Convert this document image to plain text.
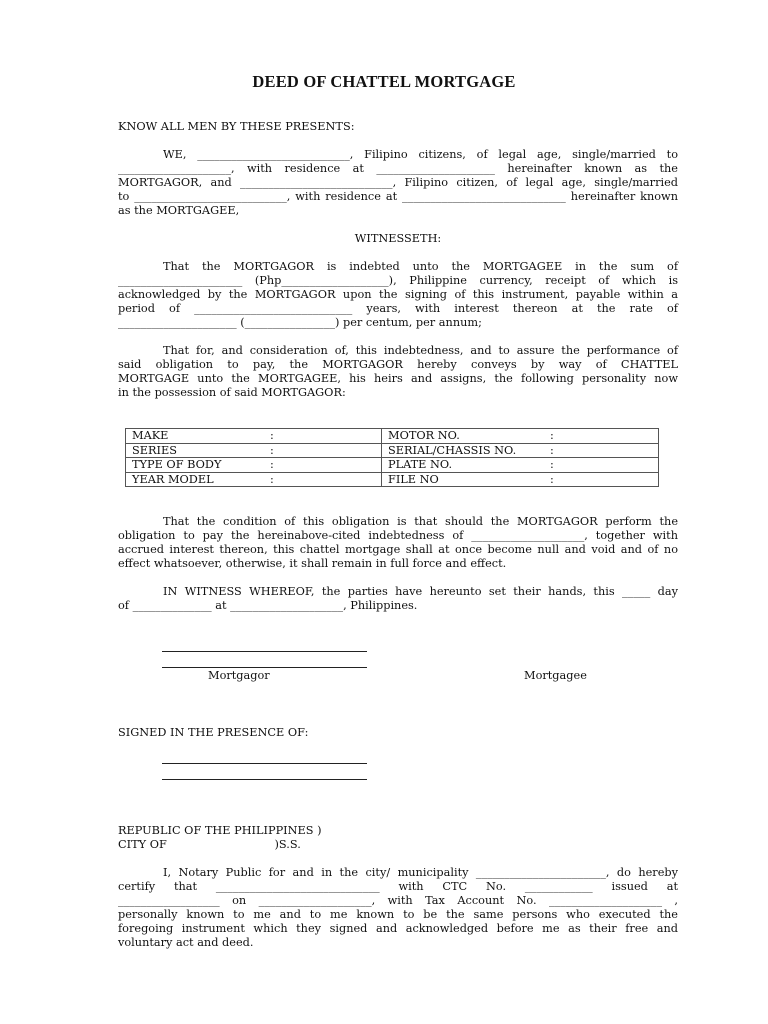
DEED OF CHATTEL MORTGAGE
KNOW ALL MEN BY THESE PRESENTS:
WE, ___________________________, Filipino citizens, of legal age, single/married to
____________________, with residence at _____________________ hereinafter known as the
MORTGAGOR, and ___________________________, Filipino citizen, of legal age, single/married
to ___________________________, with residence at _____________________________ hereinafter known
as the MORTGAGEE,
WITNESSETH:
That the MORTGAGOR is indebted unto the MORTGAGEE in the sum of
______________________ (Php___________________), Philippine currency, receipt of which is
acknowledged by the MORTGAGOR upon the signing of this instrument, payable within a
period of ____________________________ years, with interest thereon at the rate of
_____________________ (________________) per centum, per annum;
That for, and consideration of, this indebtedness, and to assure the performance of
said obligation to pay, the MORTGAGOR hereby conveys by way of CHATTEL
MORTGAGE unto the MORTGAGEE, his heirs and assigns, the following personality now
in the possession of said MORTGAGOR:
MAKE :	MOTOR NO. :
SERIES :	SERIAL/CHASSIS NO. :
TYPE OF BODY :	PLATE NO. :
YEAR MODEL :	FILE NO :
That the condition of this obligation is that should the MORTGAGOR perform the
obligation to pay the hereinabove-cited indebtedness of ____________________, together with
accrued interest thereon, this chattel mortgage shall at once become null and void and of no
effect whatsoever, otherwise, it shall remain in full force and effect.
IN WITNESS WHEREOF, the parties have hereunto set their hands, this _____ day
of ______________ at ____________________, Philippines.
Mortgagor	Mortgagee
SIGNED IN THE PRESENCE OF:
REPUBLIC OF THE PHILIPPINES )
CITY OF                              )S.S.
I, Notary Public for and in the city/ municipality _______________________, do hereby
certify that _____________________________ with CTC No. ____________ issued at
__________________ on ____________________, with Tax Account No. ____________________ ,
personally known to me and to me known to be the same persons who executed the
foregoing instrument which they signed and acknowledged before me as their free and
voluntary act and deed.
